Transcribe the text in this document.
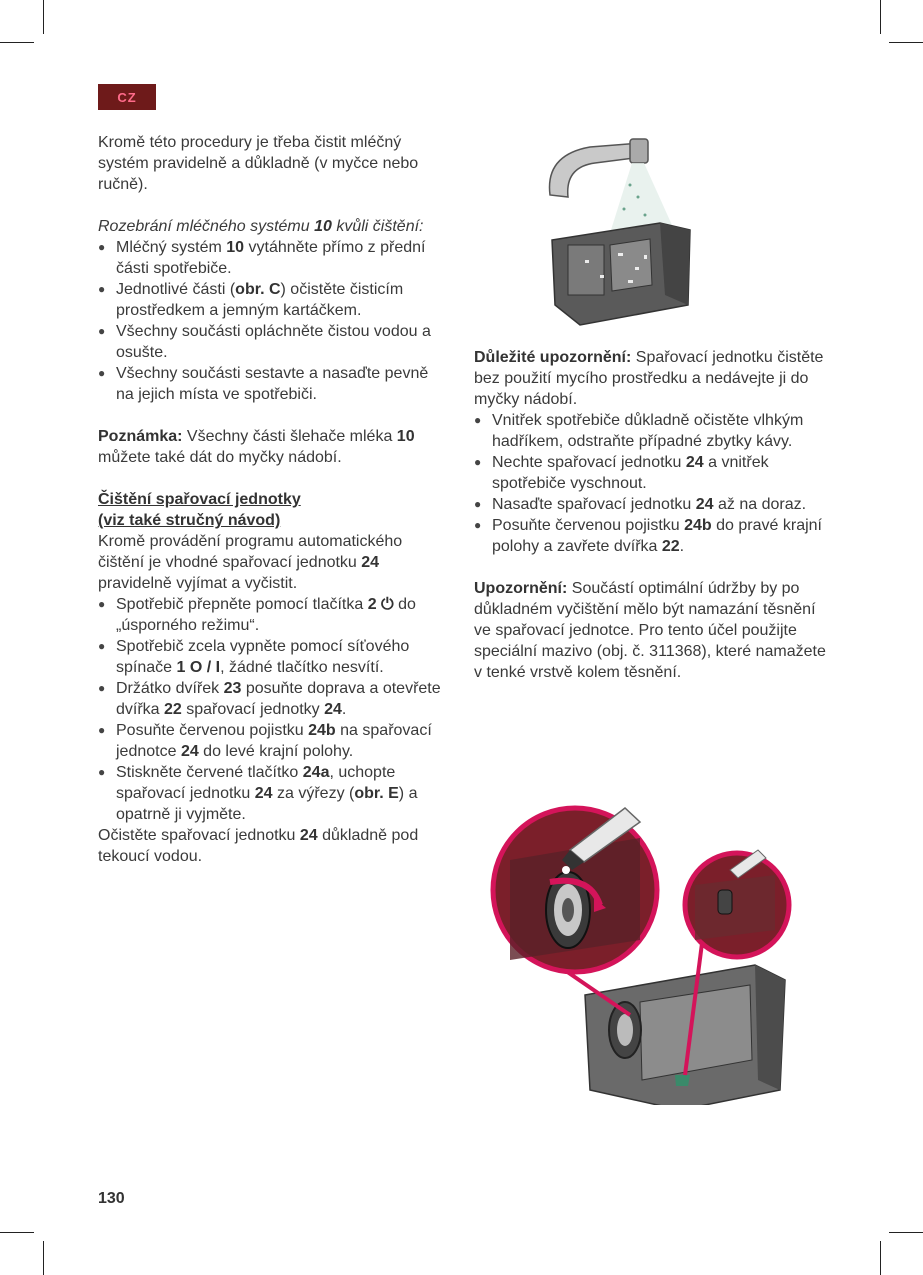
CZ

Kromě této procedury je třeba čistit mléčný systém pravidelně a důkladně (v myčce nebo ručně).

Rozebrání mléčného systému 10 kvůli čištění:

● Mléčný systém 10 vytáhněte přímo z přední části spotřebiče.
● Jednotlivé části (obr. C) očistěte čisticím prostředkem a jemným kartáčkem.
● Všechny součásti opláchněte čistou vodou a osušte.
● Všechny součásti sestavte a nasaďte pevně na jejich místa ve spotřebiči.

Poznámka: Všechny části šlehače mléka 10 můžete také dát do myčky nádobí.

Čištění spařovací jednotky

(viz také stručný návod)

Kromě provádění programu automatického čištění je vhodné spařovací jednotku 24 pravidelně vyjímat a vyčistit.

● Spotřebič přepněte pomocí tlačítka 2 ⏻ do „úsporného režimu“.
● Spotřebič zcela vypněte pomocí síťového spínače 1 O / I, žádné tlačítko nesvítí.
● Držátko dvířek 23 posuňte doprava a otevřete dvířka 22 spařovací jednotky 24.
● Posuňte červenou pojistku 24b na spařovací jednotce 24 do levé krajní polohy.
● Stiskněte červené tlačítko 24a, uchopte spařovací jednotku 24 za výřezy (obr. E) a opatrně ji vyjměte.

Očistěte spařovací jednotku 24 důkladně pod tekoucí vodou.

Důležité upozornění: Spařovací jednotku čistěte bez použití mycího prostředku a nedávejte ji do myčky nádobí.

● Vnitřek spotřebiče důkladně očistěte vlhkým hadříkem, odstraňte případné zbytky kávy.
● Nechte spařovací jednotku 24 a vnitřek spotřebiče vyschnout.
● Nasaďte spařovací jednotku 24 až na doraz.
● Posuňte červenou pojistku 24b do pravé krajní polohy a zavřete dvířka 22.

Upozornění: Součástí optimální údržby by po důkladném vyčištění mělo být namazání těsnění ve spařovací jednotce. Pro tento účel použijte speciální mazivo (obj. č. 311368), které namažete v tenké vrstvě kolem těsnění.

130
